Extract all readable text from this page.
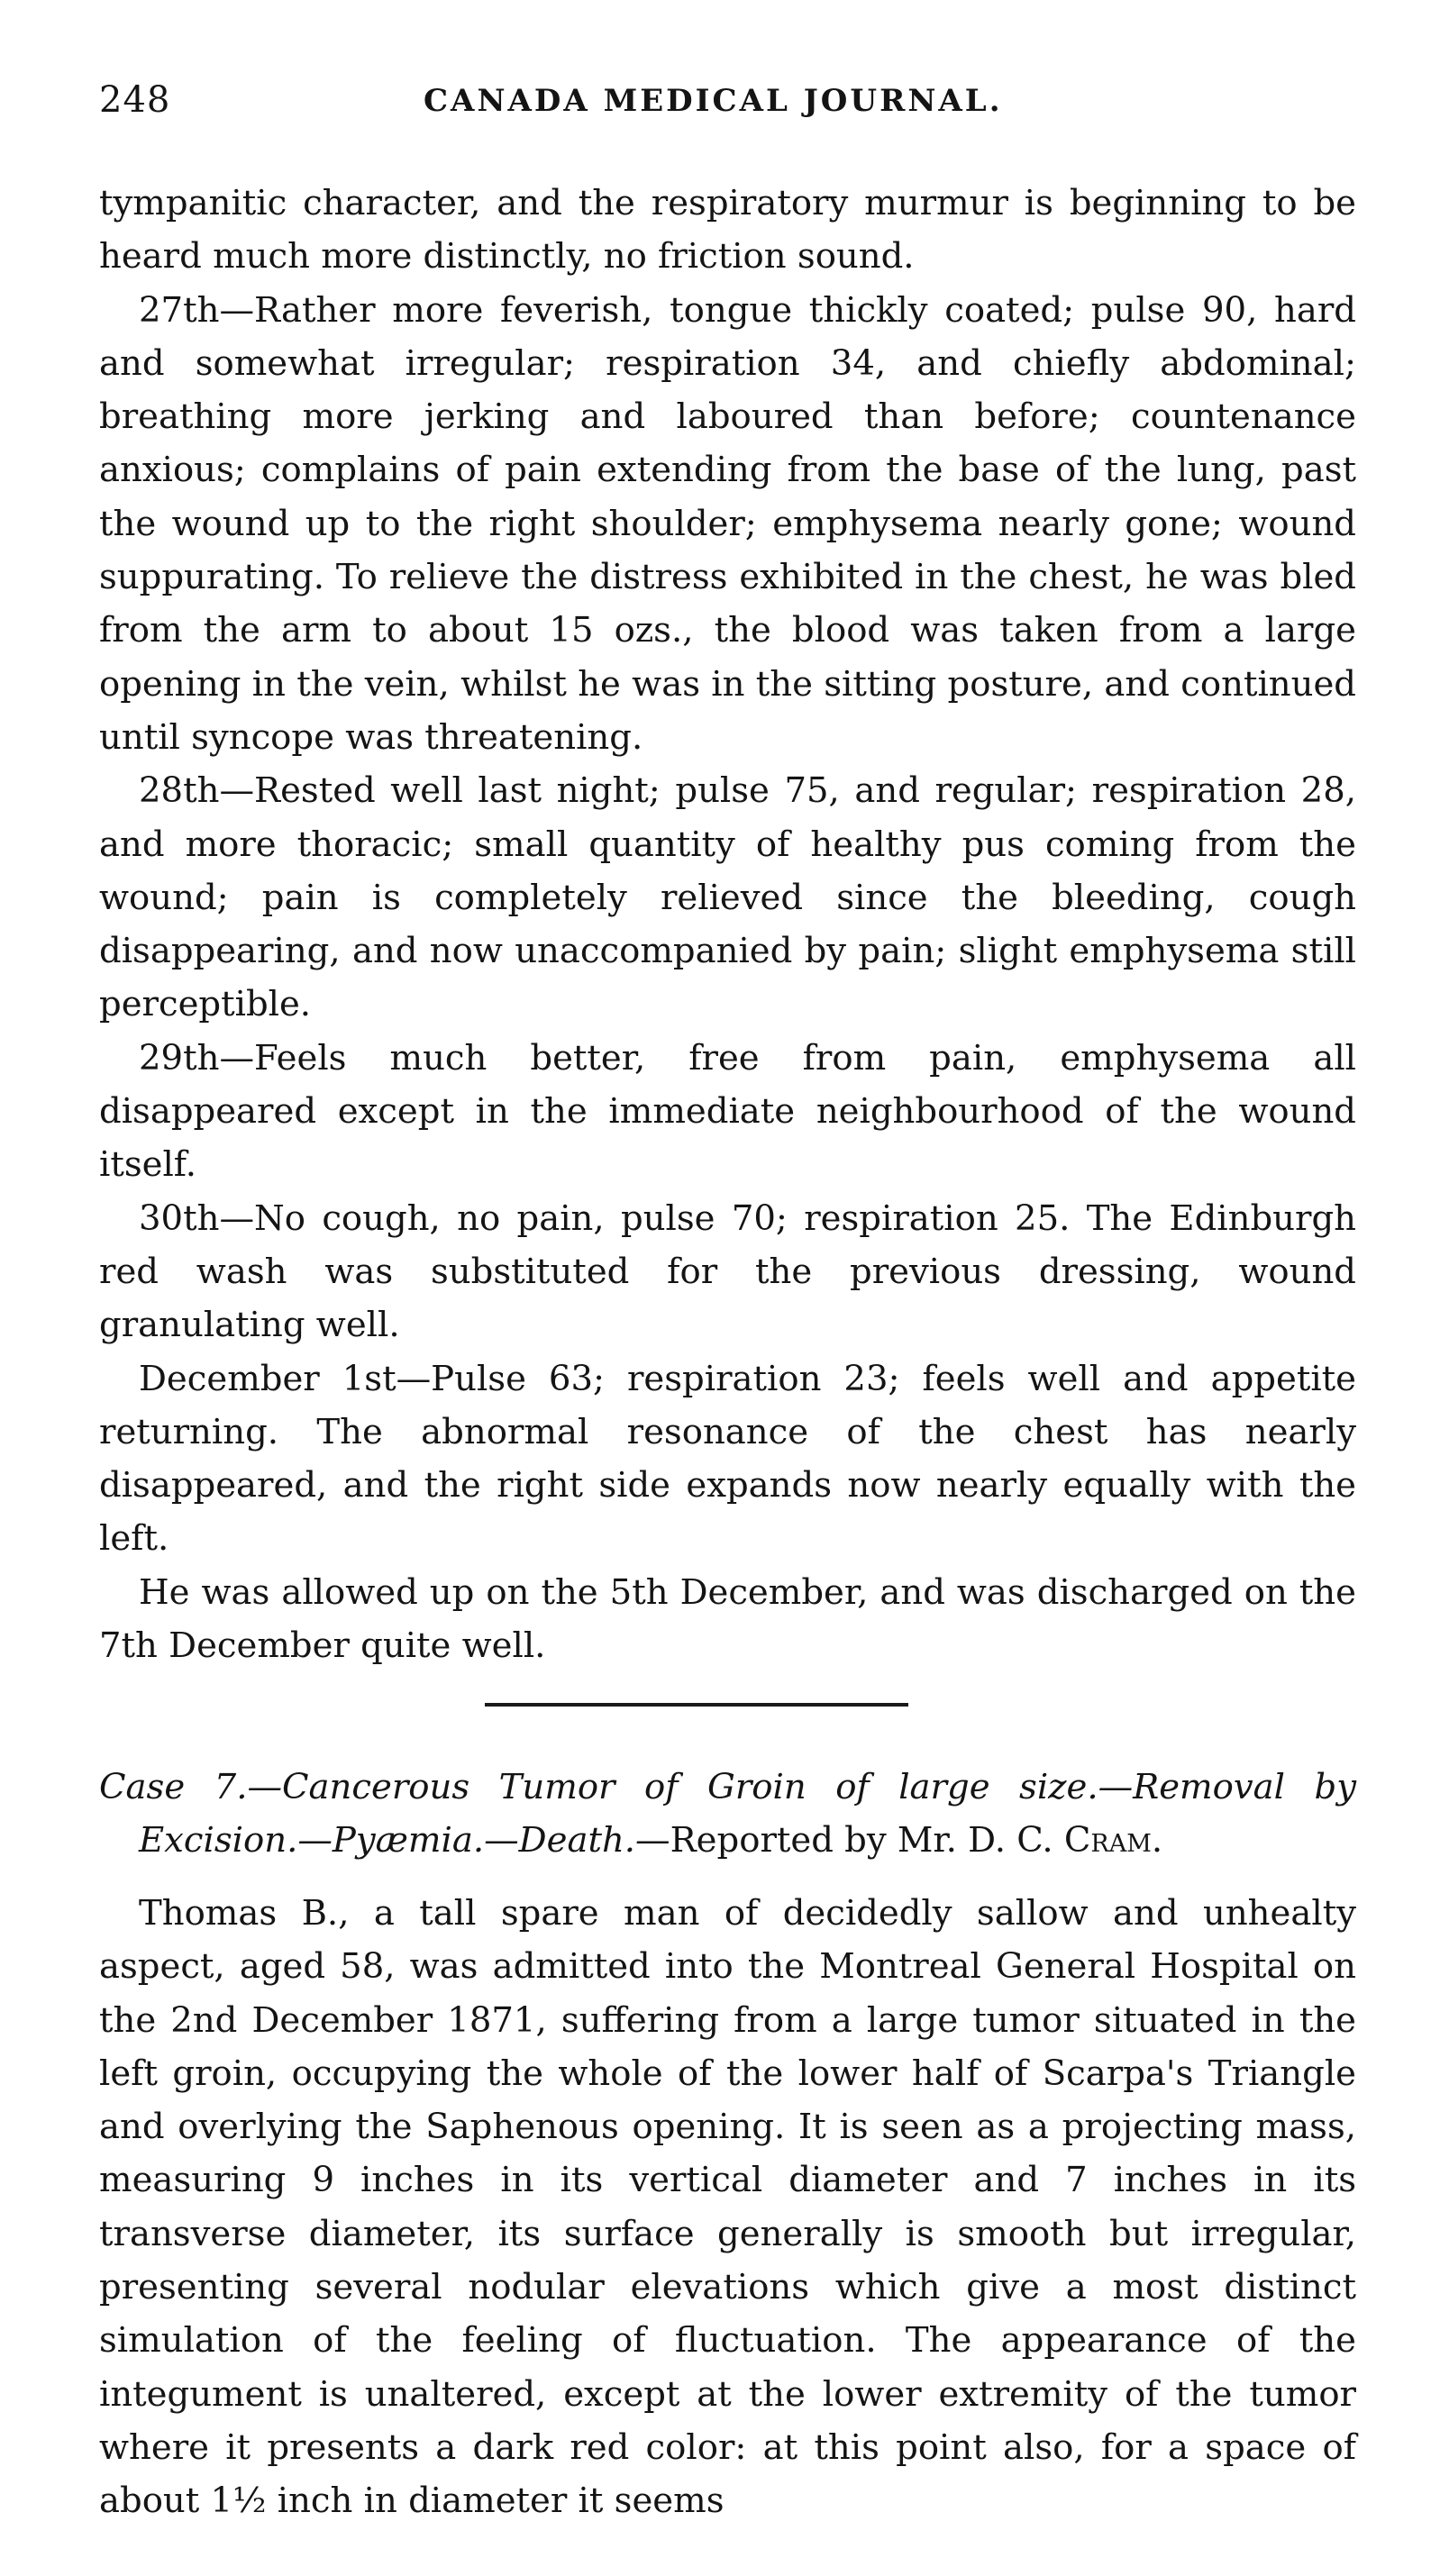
248	CANADA MEDICAL JOURNAL.

tympanitic character, and the respiratory murmur is beginning to be heard much more distinctly, no friction sound.

27th—Rather more feverish, tongue thickly coated; pulse 90, hard and somewhat irregular; respiration 34, and chiefly abdominal; breathing more jerking and laboured than before; countenance anxious; complains of pain extending from the base of the lung, past the wound up to the right shoulder; emphysema nearly gone; wound suppurating. To relieve the distress exhibited in the chest, he was bled from the arm to about 15 ozs., the blood was taken from a large opening in the vein, whilst he was in the sitting posture, and continued until syncope was threatening.

28th—Rested well last night; pulse 75, and regular; respiration 28, and more thoracic; small quantity of healthy pus coming from the wound; pain is completely relieved since the bleeding, cough disappearing, and now unaccompanied by pain; slight emphysema still perceptible.

29th—Feels much better, free from pain, emphysema all disappeared except in the immediate neighbourhood of the wound itself.

30th—No cough, no pain, pulse 70; respiration 25. The Edinburgh red wash was substituted for the previous dressing, wound granulating well.

December 1st—Pulse 63; respiration 23; feels well and appetite returning. The abnormal resonance of the chest has nearly disappeared, and the right side expands now nearly equally with the left.

He was allowed up on the 5th December, and was discharged on the 7th December quite well.

Case 7.—Cancerous Tumor of Groin of large size.—Removal by Excision.—Pyæmia.—Death.—Reported by Mr. D. C. Cram.

Thomas B., a tall spare man of decidedly sallow and unhealty aspect, aged 58, was admitted into the Montreal General Hospital on the 2nd December 1871, suffering from a large tumor situated in the left groin, occupying the whole of the lower half of Scarpa's Triangle and overlying the Saphenous opening. It is seen as a projecting mass, measuring 9 inches in its vertical diameter and 7 inches in its transverse diameter, its surface generally is smooth but irregular, presenting several nodular elevations which give a most distinct simulation of the feeling of fluctuation. The appearance of the integument is unaltered, except at the lower extremity of the tumor where it presents a dark red color: at this point also, for a space of about 1½ inch in diameter it seems
